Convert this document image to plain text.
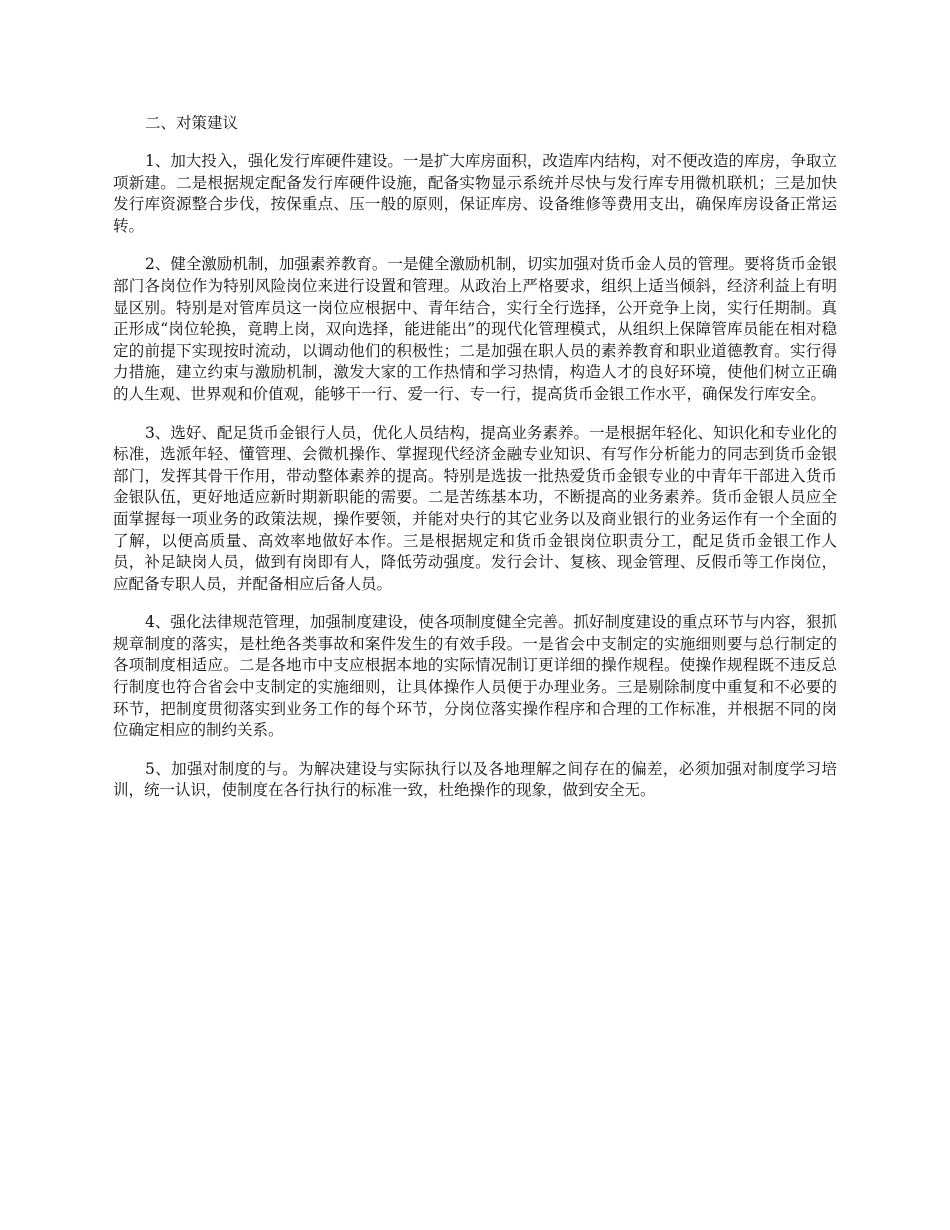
二、对策建议

1、加大投入，强化发行库硬件建设。一是扩大库房面积，改造库内结构，对不便改造的库房，争取立项新建。二是根据规定配备发行库硬件设施，配备实物显示系统并尽快与发行库专用微机联机；三是加快发行库资源整合步伐，按保重点、压一般的原则，保证库房、设备维修等费用支出，确保库房设备正常运转。

2、健全激励机制，加强素养教育。一是健全激励机制，切实加强对货币金人员的管理。要将货币金银部门各岗位作为特别风险岗位来进行设置和管理。从政治上严格要求，组织上适当倾斜，经济利益上有明显区别。特别是对管库员这一岗位应根据中、青年结合，实行全行选择，公开竞争上岗，实行任期制。真正形成“岗位轮换，竟聘上岗，双向选择，能进能出”的现代化管理模式，从组织上保障管库员能在相对稳定的前提下实现按时流动，以调动他们的积极性；二是加强在职人员的素养教育和职业道德教育。实行得力措施，建立约束与激励机制，激发大家的工作热情和学习热情，构造人才的良好环境，使他们树立正确的人生观、世界观和价值观，能够干一行、爱一行、专一行，提高货币金银工作水平，确保发行库安全。

3、选好、配足货币金银行人员，优化人员结构，提高业务素养。一是根据年轻化、知识化和专业化的标准，选派年轻、懂管理、会微机操作、掌握现代经济金融专业知识、有写作分析能力的同志到货币金银部门，发挥其骨干作用，带动整体素养的提高。特别是选拔一批热爱货币金银专业的中青年干部进入货币金银队伍，更好地适应新时期新职能的需要。二是苦练基本功，不断提高的业务素养。货币金银人员应全面掌握每一项业务的政策法规，操作要领，并能对央行的其它业务以及商业银行的业务运作有一个全面的了解，以便高质量、高效率地做好本作。三是根据规定和货币金银岗位职责分工，配足货币金银工作人员，补足缺岗人员，做到有岗即有人，降低劳动强度。发行会计、复核、现金管理、反假币等工作岗位，应配备专职人员，并配备相应后备人员。

4、强化法律规范管理，加强制度建设，使各项制度健全完善。抓好制度建设的重点环节与内容，狠抓规章制度的落实，是杜绝各类事故和案件发生的有效手段。一是省会中支制定的实施细则要与总行制定的各项制度相适应。二是各地市中支应根据本地的实际情况制订更详细的操作规程。使操作规程既不违反总行制度也符合省会中支制定的实施细则，让具体操作人员便于办理业务。三是剔除制度中重复和不必要的环节，把制度贯彻落实到业务工作的每个环节，分岗位落实操作程序和合理的工作标准，并根据不同的岗位确定相应的制约关系。

5、加强对制度的与。为解决建设与实际执行以及各地理解之间存在的偏差，必须加强对制度学习培训，统一认识，使制度在各行执行的标准一致，杜绝操作的现象，做到安全无。
